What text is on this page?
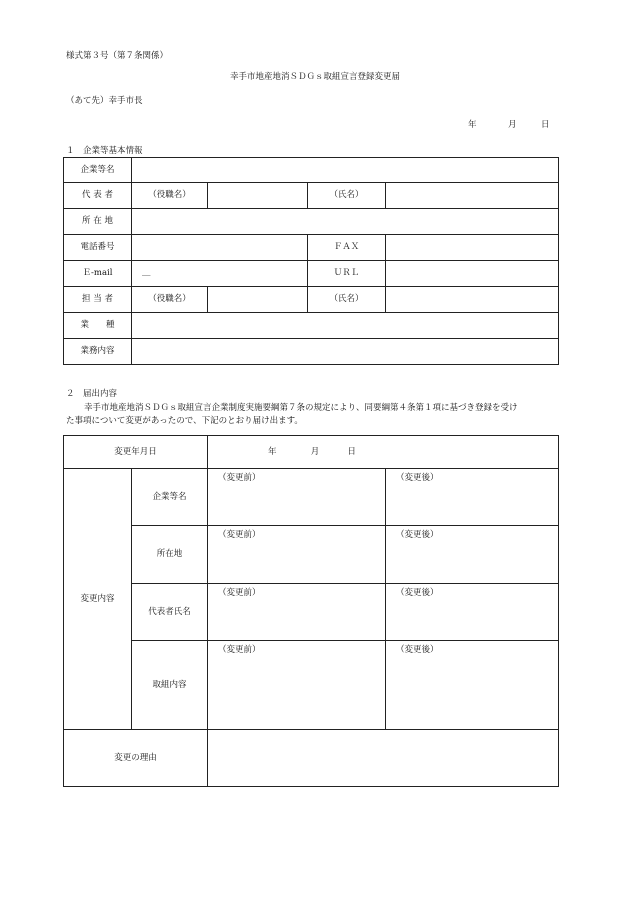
様式第３号（第７条関係）
幸手市地産地消ＳＤＧｓ取組宣言登録変更届
（あて先）幸手市長
年	月	日
１　企業等基本情報
企業等名				
代 表 者	（役職名）		（氏名）	
所 在 地				
電話番号			ＦＡＸ	
Ｅ-mail	＿		ＵＲＬ	
担 当 者	（役職名）		（氏名）	
業　　種				
業務内容				
２　届出内容
幸手市地産地消ＳＤＧｓ取組宣言企業制度実施要綱第７条の規定により、同要綱第４条第１項に基づき登録を受け
た事項について変更があったので、下記のとおり届け出ます。
変更年月日		年 月 日	

変更内容	企業等名	（変更前）	（変更後）
	所在地	（変更前）	（変更後）
	代表者氏名	（変更前）	（変更後）
	取組内容	（変更前）	（変更後）
変更の理由			
